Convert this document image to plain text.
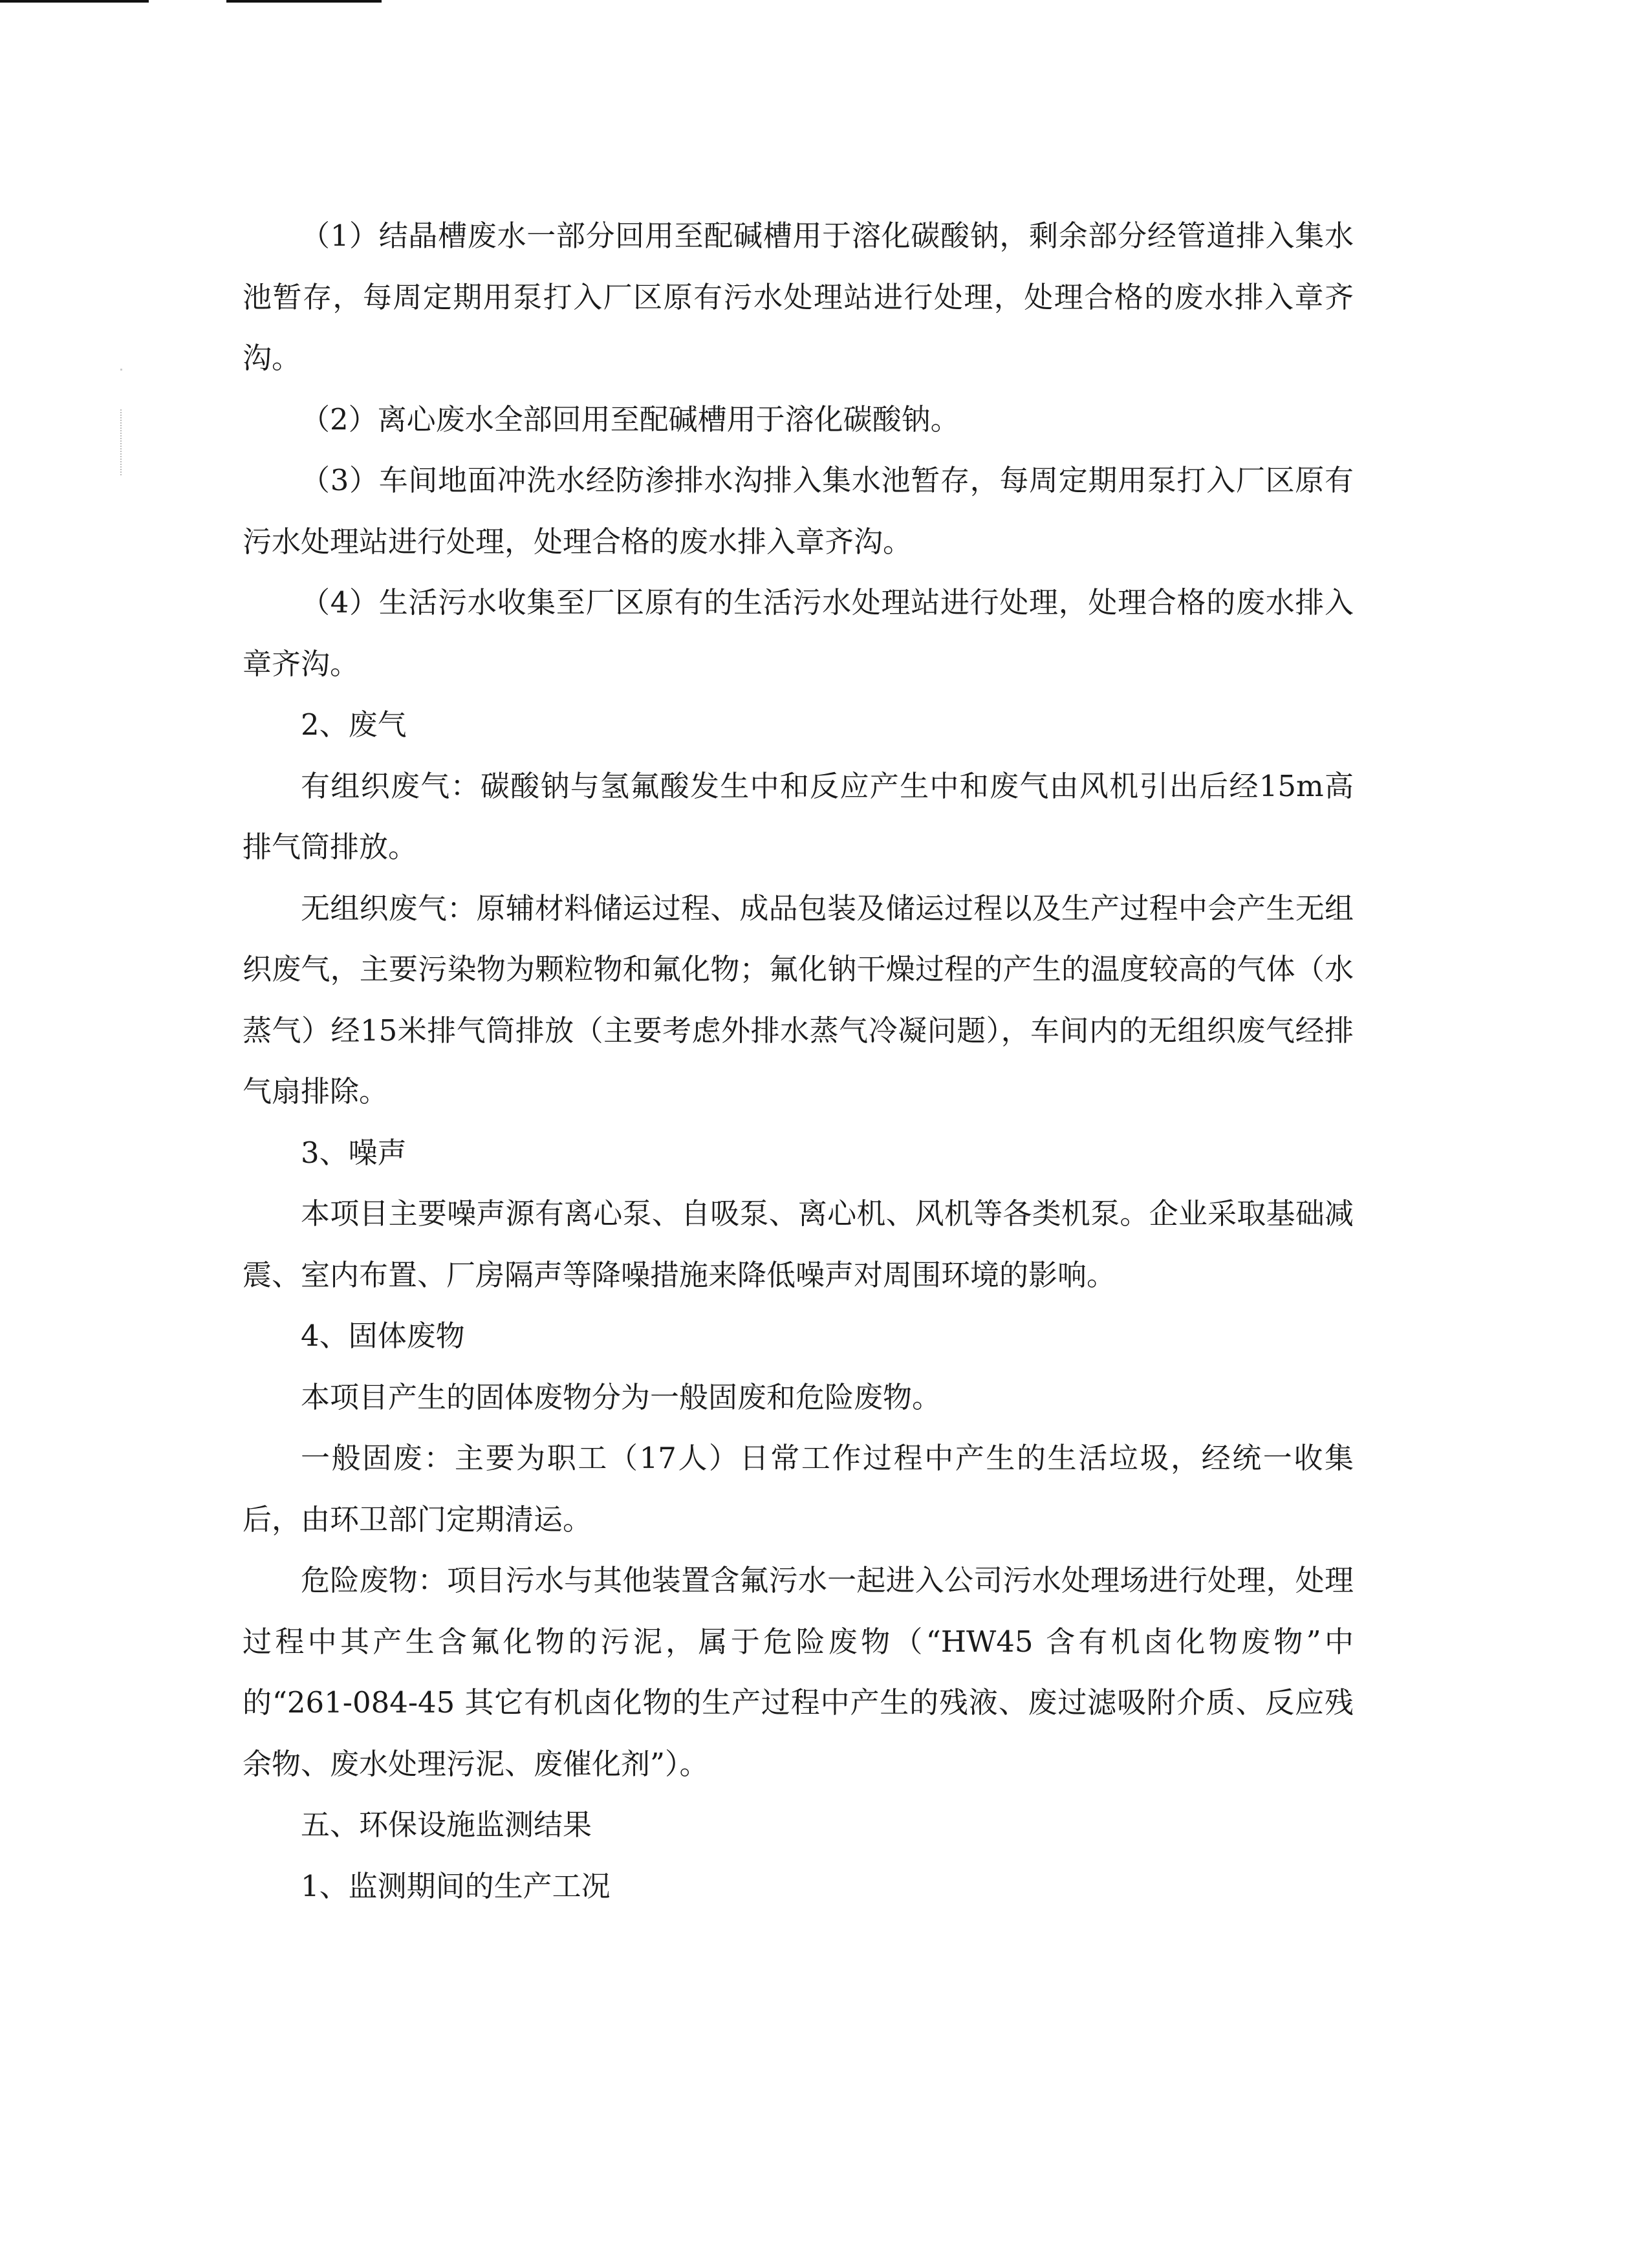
（1）结晶槽废水一部分回用至配碱槽用于溶化碳酸钠，剩余部分经管道排入集水池暂存，每周定期用泵打入厂区原有污水处理站进行处理，处理合格的废水排入章齐沟。

（2）离心废水全部回用至配碱槽用于溶化碳酸钠。

（3）车间地面冲洗水经防渗排水沟排入集水池暂存，每周定期用泵打入厂区原有污水处理站进行处理，处理合格的废水排入章齐沟。

（4）生活污水收集至厂区原有的生活污水处理站进行处理，处理合格的废水排入章齐沟。

2、废气

有组织废气：碳酸钠与氢氟酸发生中和反应产生中和废气由风机引出后经15m高排气筒排放。

无组织废气：原辅材料储运过程、成品包装及储运过程以及生产过程中会产生无组织废气，主要污染物为颗粒物和氟化物；氟化钠干燥过程的产生的温度较高的气体（水蒸气）经15米排气筒排放（主要考虑外排水蒸气冷凝问题），车间内的无组织废气经排气扇排除。

3、噪声

本项目主要噪声源有离心泵、自吸泵、离心机、风机等各类机泵。企业采取基础减震、室内布置、厂房隔声等降噪措施来降低噪声对周围环境的影响。

4、固体废物

本项目产生的固体废物分为一般固废和危险废物。

一般固废：主要为职工（17人）日常工作过程中产生的生活垃圾，经统一收集后，由环卫部门定期清运。

危险废物：项目污水与其他装置含氟污水一起进入公司污水处理场进行处理，处理过程中其产生含氟化物的污泥，属于危险废物（“HW45 含有机卤化物废物”中的“261-084-45 其它有机卤化物的生产过程中产生的残液、废过滤吸附介质、反应残余物、废水处理污泥、废催化剂”）。

五、环保设施监测结果

1、监测期间的生产工况
